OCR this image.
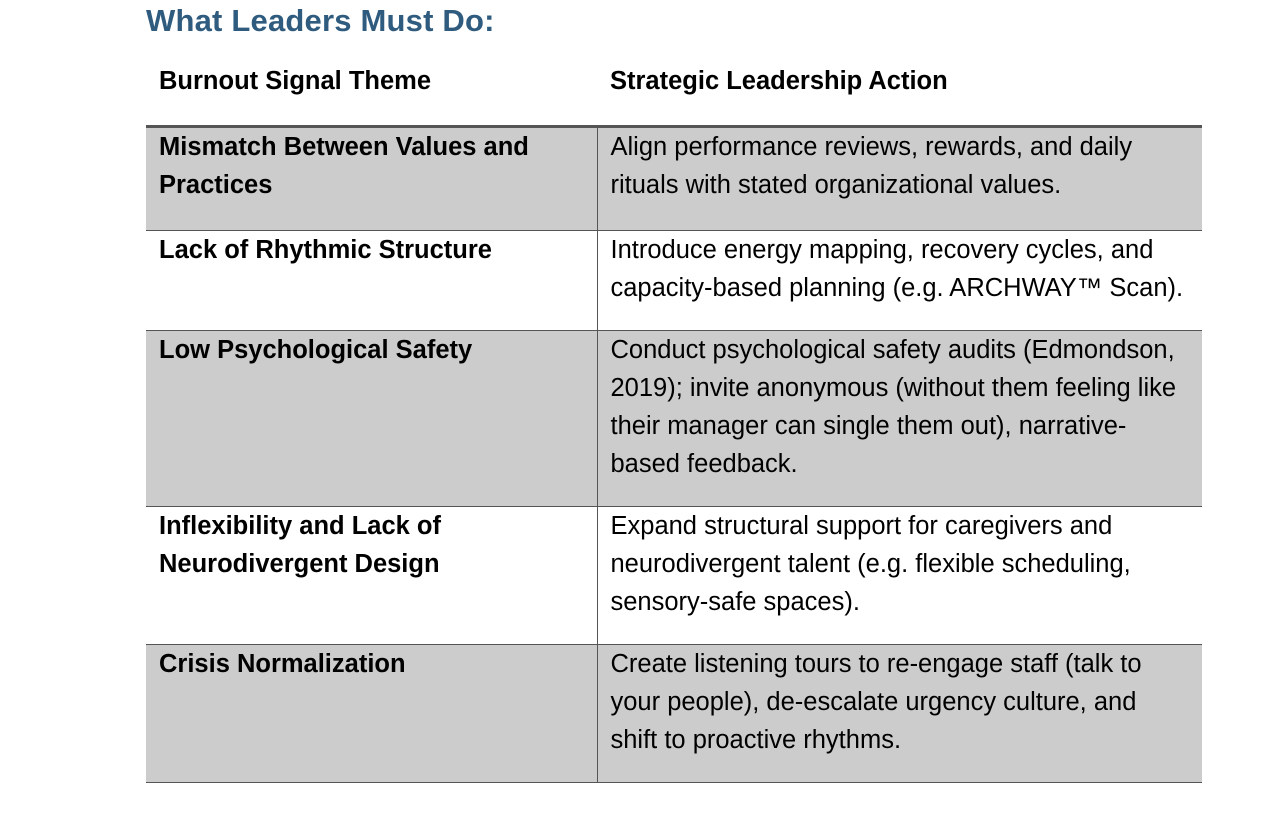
What Leaders Must Do:
Burnout Signal Theme	Strategic Leadership Action
Mismatch Between Values and Practices	Align performance reviews, rewards, and daily rituals with stated organizational values.
Lack of Rhythmic Structure	Introduce energy mapping, recovery cycles, and capacity-based planning (e.g. ARCHWAY™ Scan).
Low Psychological Safety	Conduct psychological safety audits (Edmondson, 2019); invite anonymous (without them feeling like their manager can single them out), narrative-based feedback.
Inflexibility and Lack of Neurodivergent Design	Expand structural support for caregivers and neurodivergent talent (e.g. flexible scheduling, sensory-safe spaces).
Crisis Normalization	Create listening tours to re-engage staff (talk to your people), de-escalate urgency culture, and shift to proactive rhythms.
